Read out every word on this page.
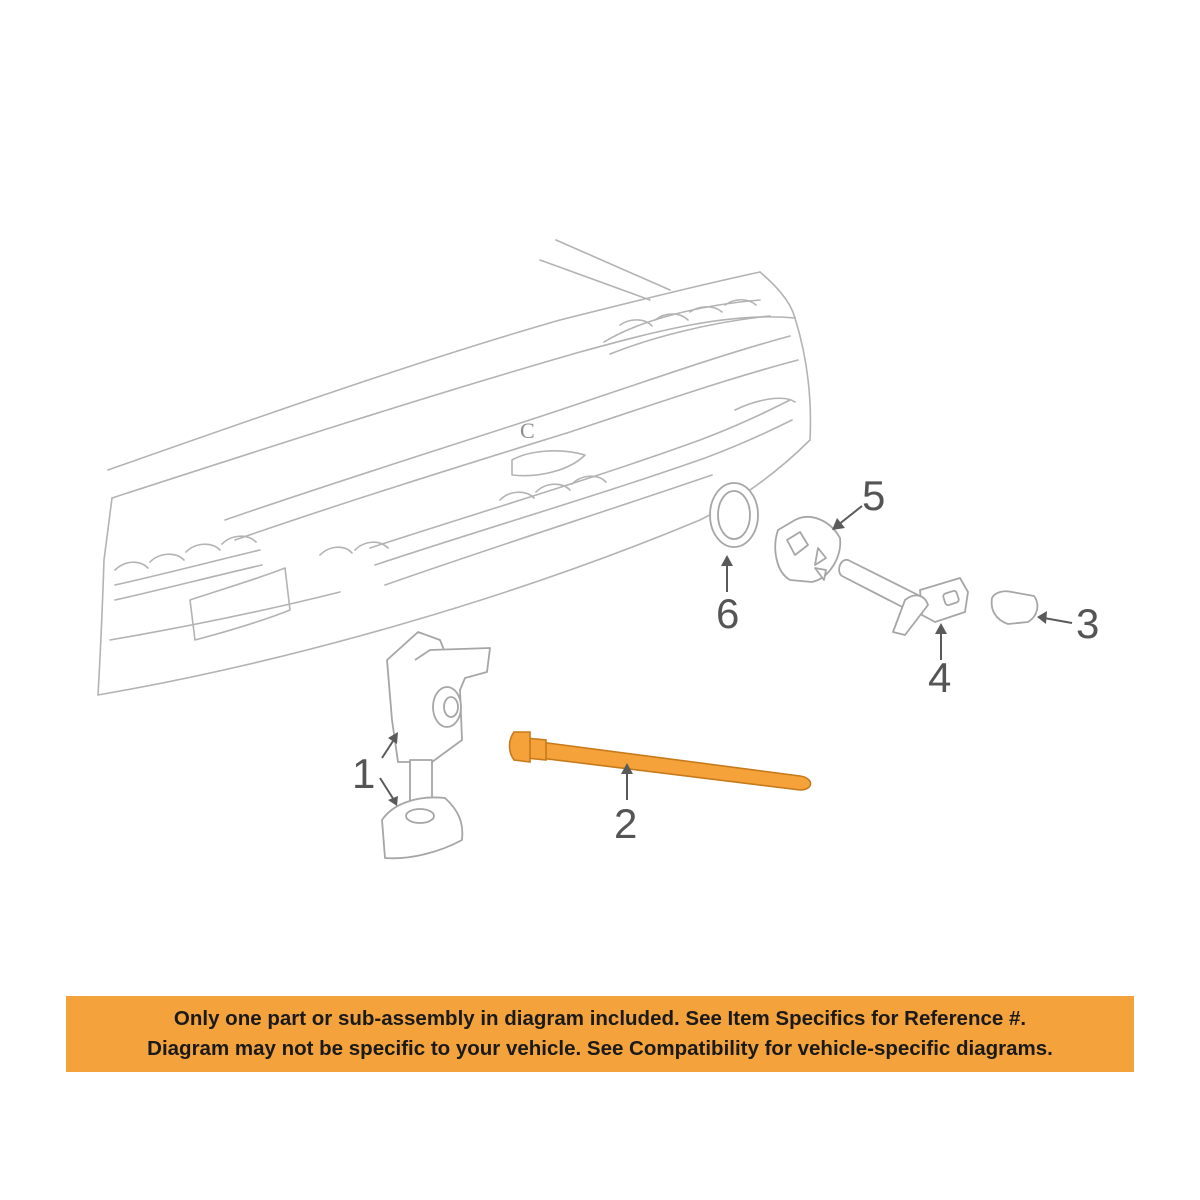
C
1
2
3
4
5
6
Only one part or sub-assembly in diagram included. See Item Specifics for Reference #.
Diagram may not be specific to your vehicle. See Compatibility for vehicle-specific diagrams.
